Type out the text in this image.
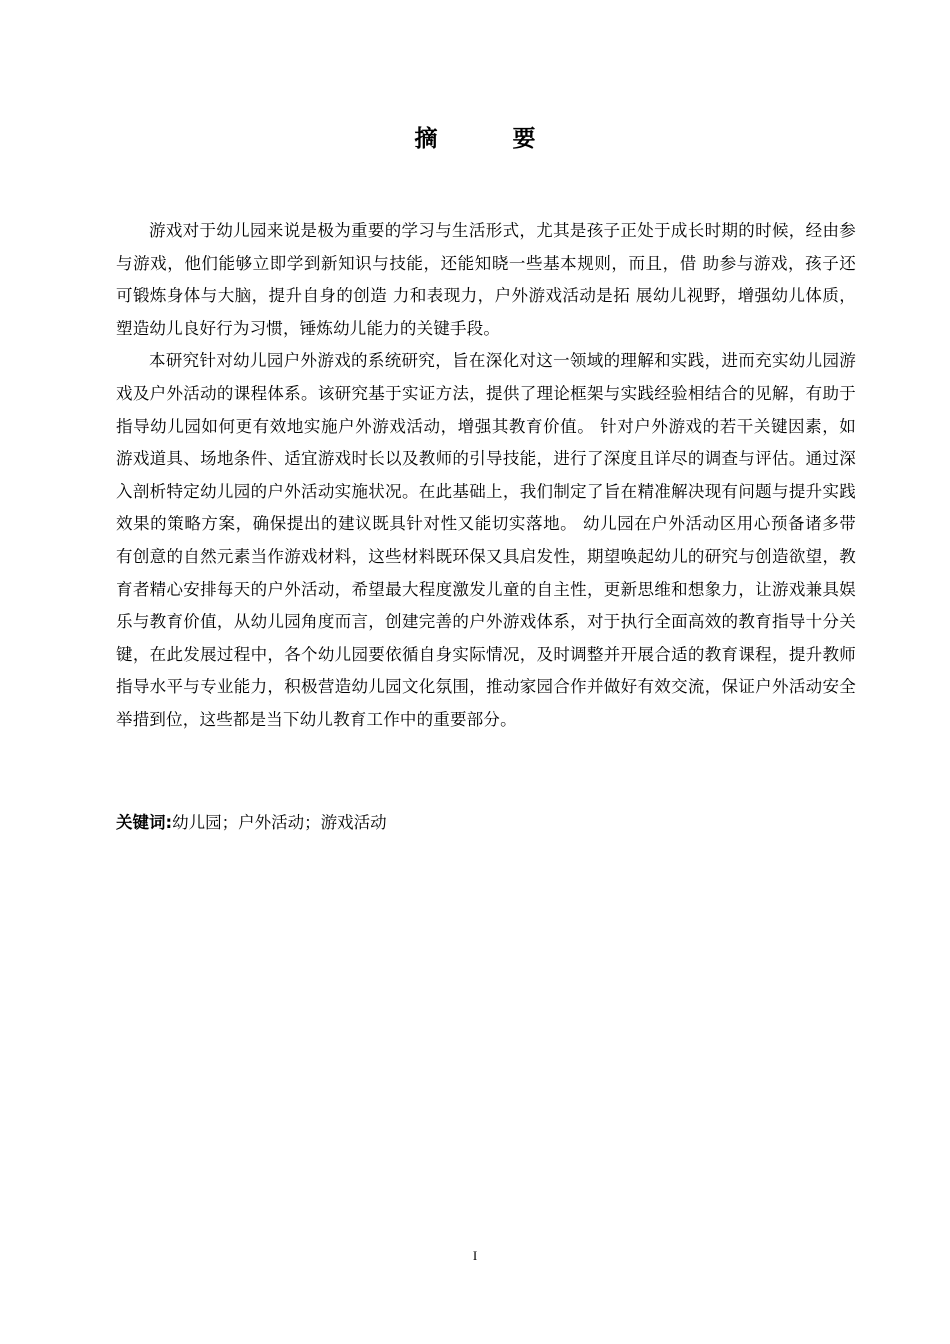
摘　要

游戏对于幼儿园来说是极为重要的学习与生活形式，尤其是孩子正处于成长时期的时候，经由参与游戏，他们能够立即学到新知识与技能，还能知晓一些基本规则，而且，借 助参与游戏，孩子还可锻炼身体与大脑，提升自身的创造 力和表现力，户外游戏活动是拓 展幼儿视野，增强幼儿体质，塑造幼儿良好行为习惯，锤炼幼儿能力的关键手段。

本研究针对幼儿园户外游戏的系统研究，旨在深化对这一领域的理解和实践，进而充实幼儿园游戏及户外活动的课程体系。该研究基于实证方法，提供了理论框架与实践经验相结合的见解，有助于指导幼儿园如何更有效地实施户外游戏活动，增强其教育价值。 针对户外游戏的若干关键因素，如游戏道具、场地条件、适宜游戏时长以及教师的引导技能，进行了深度且详尽的调查与评估。通过深入剖析特定幼儿园的户外活动实施状况。在此基础上，我们制定了旨在精准解决现有问题与提升实践效果的策略方案，确保提出的建议既具针对性又能切实落地。 幼儿园在户外活动区用心预备诸多带有创意的自然元素当作游戏材料，这些材料既环保又具启发性，期望唤起幼儿的研究与创造欲望，教育者精心安排每天的户外活动，希望最大程度激发儿童的自主性，更新思维和想象力，让游戏兼具娱乐与教育价值，从幼儿园角度而言，创建完善的户外游戏体系，对于执行全面高效的教育指导十分关键，在此发展过程中，各个幼儿园要依循自身实际情况，及时调整并开展合适的教育课程，提升教师指导水平与专业能力，积极营造幼儿园文化氛围，推动家园合作并做好有效交流，保证户外活动安全举措到位，这些都是当下幼儿教育工作中的重要部分。

关键词:幼儿园；户外活动；游戏活动
I
